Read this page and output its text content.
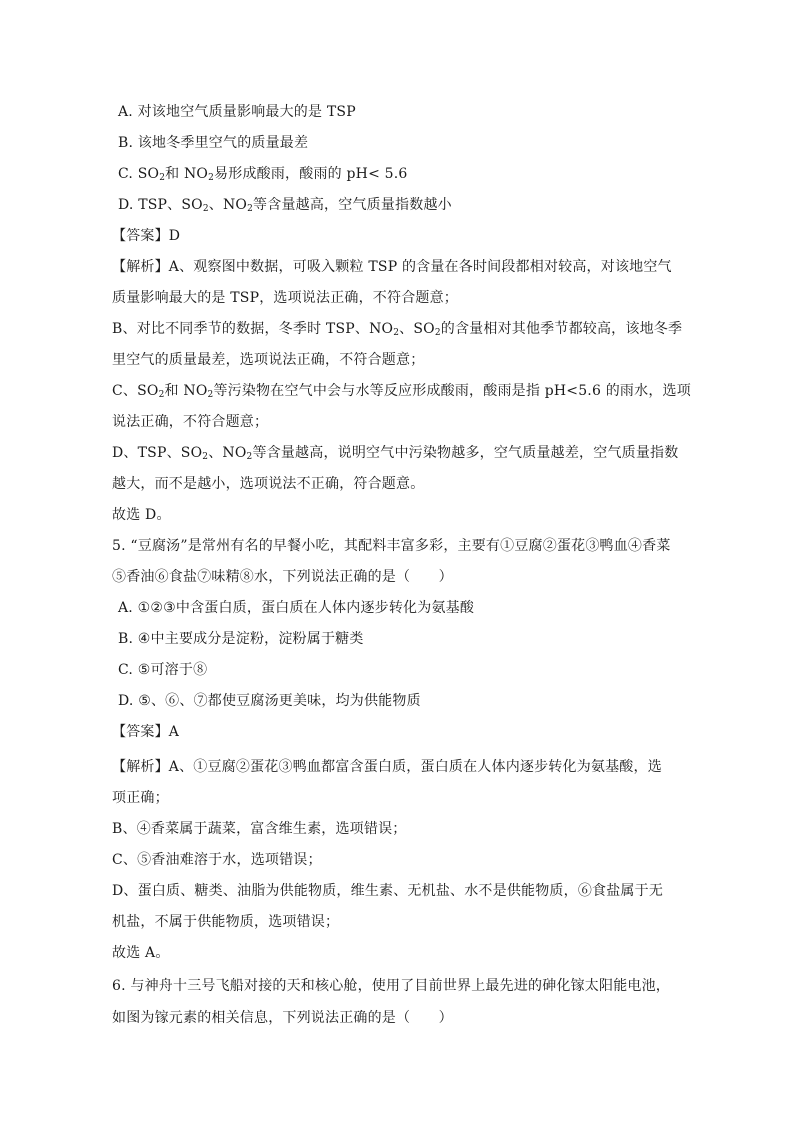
A. 对该地空气质量影响最大的是 TSP
B. 该地冬季里空气的质量最差
C. $SO_2$和 $NO_2$易形成酸雨，酸雨的 pH< 5.6
D. TSP、$SO_2$、$NO_2$等含量越高，空气质量指数越小
【答案】D
【解析】A、观察图中数据，可吸入颗粒 TSP 的含量在各时间段都相对较高，对该地空气
质量影响最大的是 TSP，选项说法正确，不符合题意；
B、对比不同季节的数据，冬季时 TSP、$NO_2$、$SO_2$的含量相对其他季节都较高，该地冬季
里空气的质量最差，选项说法正确，不符合题意；
C、$SO_2$和 $NO_2$等污染物在空气中会与水等反应形成酸雨，酸雨是指 pH<5.6 的雨水，选项
说法正确，不符合题意；
D、TSP、$SO_2$、$NO_2$等含量越高，说明空气中污染物越多，空气质量越差，空气质量指数
越大，而不是越小，选项说法不正确，符合题意。
故选 D。
5. “豆腐汤”是常州有名的早餐小吃，其配料丰富多彩，主要有①豆腐②蛋花③鸭血④香菜
⑤香油⑥食盐⑦味精⑧水，下列说法正确的是（　　）
A. ①②③中含蛋白质，蛋白质在人体内逐步转化为氨基酸
B. ④中主要成分是淀粉，淀粉属于糖类
C. ⑤可溶于⑧
D. ⑤、⑥、⑦都使豆腐汤更美味，均为供能物质
【答案】A
【解析】A、①豆腐②蛋花③鸭血都富含蛋白质，蛋白质在人体内逐步转化为氨基酸，选
项正确；
B、④香菜属于蔬菜，富含维生素，选项错误；
C、⑤香油难溶于水，选项错误；
D、蛋白质、糖类、油脂为供能物质，维生素、无机盐、水不是供能物质，⑥食盐属于无
机盐，不属于供能物质，选项错误；
故选 A。
6. 与神舟十三号飞船对接的天和核心舱，使用了目前世界上最先进的砷化镓太阳能电池，
如图为镓元素的相关信息，下列说法正确的是（　　）
